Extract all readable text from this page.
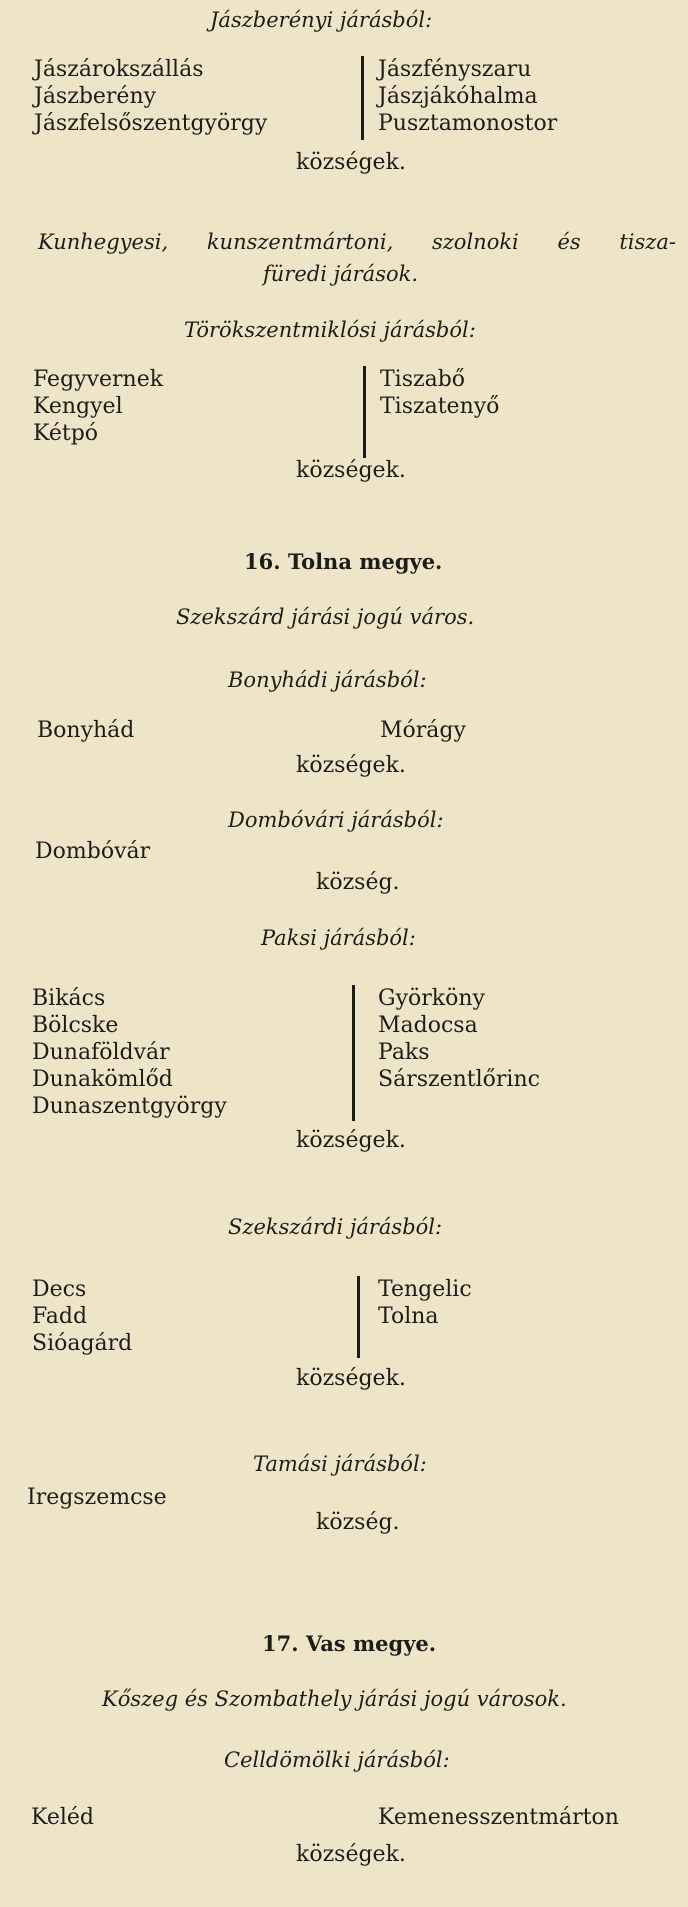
Jászberényi járásból:
Jászárokszállás
Jászberény
Jászfelsőszentgyörgy
Jászfényszaru
Jászjákóhalma
Pusztamonostor
községek.
Kunhegyesi, kunszentmártoni, szolnoki és tisza-
füredi járások.
Törökszentmiklósi járásból:
Fegyvernek
Kengyel
Kétpó
Tiszabő
Tiszatenyő
községek.
16. Tolna megye.
Szekszárd járási jogú város.
Bonyhádi járásból:
Bonyhád	Mórágy
községek.
Dombóvári járásból:
Dombóvár
község.
Paksi járásból:
Bikács
Bölcske
Dunaföldvár
Dunakömlőd
Dunaszentgyörgy
Györköny
Madocsa
Paks
Sárszentlőrinc
községek.
Szekszárdi járásból:
Decs
Fadd
Sióagárd
Tengelic
Tolna
községek.
Tamási járásból:
Iregszemcse
község.
17. Vas megye.
Kőszeg és Szombathely járási jogú városok.
Celldömölki járásból:
Keléd	Kemenesszentmárton
községek.
